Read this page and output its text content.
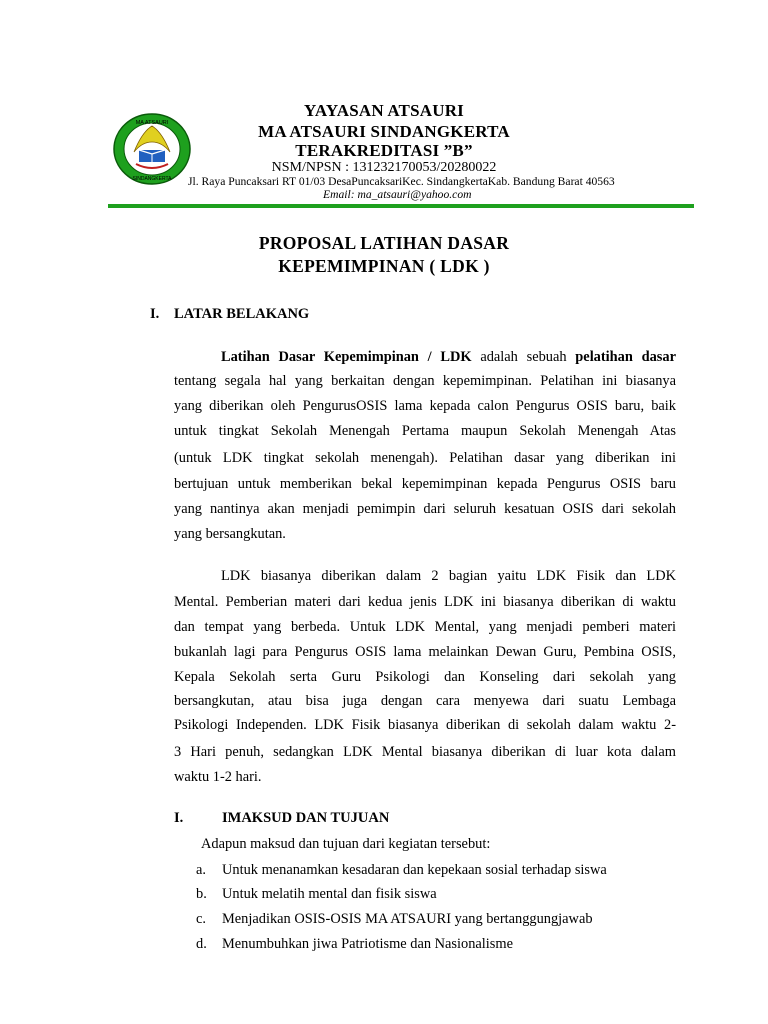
MA ATSAURI
SINDANGKERTA
YAYASAN ATSAURI
MA ATSAURI SINDANGKERTA
TERAKREDITASI ”B”
NSM/NPSN : 131232170053/20280022
Jl. Raya Puncaksari RT 01/03 DesaPuncaksariKec. SindangkertaKab. Bandung Barat 40563
Email: ma_atsauri@yahoo.com
PROPOSAL LATIHAN DASAR
KEPEMIMPINAN ( LDK )
I. LATAR BELAKANG
Latihan Dasar Kepemimpinan / LDK adalah sebuah pelatihan dasar
tentang segala hal yang berkaitan dengan kepemimpinan. Pelatihan ini biasanya
yang diberikan oleh PengurusOSIS lama kepada calon Pengurus OSIS baru, baik
untuk tingkat Sekolah Menengah Pertama maupun Sekolah Menengah Atas
(untuk LDK tingkat sekolah menengah). Pelatihan dasar yang diberikan ini
bertujuan untuk memberikan bekal kepemimpinan kepada Pengurus OSIS baru
yang nantinya akan menjadi pemimpin dari seluruh kesatuan OSIS dari sekolah
yang bersangkutan.
LDK biasanya diberikan dalam 2 bagian yaitu LDK Fisik dan LDK
Mental. Pemberian materi dari kedua jenis LDK ini biasanya diberikan di waktu
dan tempat yang berbeda. Untuk LDK Mental, yang menjadi pemberi materi
bukanlah lagi para Pengurus OSIS lama melainkan Dewan Guru, Pembina OSIS,
Kepala Sekolah serta Guru Psikologi dan Konseling dari sekolah yang
bersangkutan, atau bisa juga dengan cara menyewa dari suatu Lembaga
Psikologi Independen. LDK Fisik biasanya diberikan di sekolah dalam waktu 2-
3 Hari penuh, sedangkan LDK Mental biasanya diberikan di luar kota dalam
waktu 1-2 hari.
I.	IMAKSUD DAN TUJUAN
Adapun maksud dan tujuan dari kegiatan tersebut:
a. Untuk menanamkan kesadaran dan kepekaan sosial terhadap siswa
b. Untuk melatih mental dan fisik siswa
c. Menjadikan OSIS-OSIS MA ATSAURI yang bertanggungjawab
d. Menumbuhkan jiwa Patriotisme dan Nasionalisme
